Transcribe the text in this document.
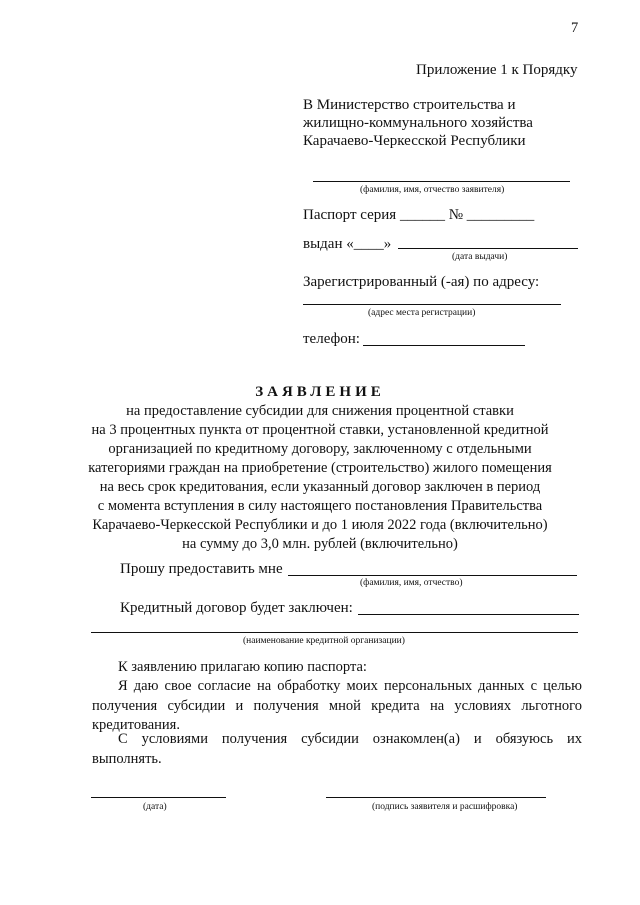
7
Приложение 1 к Порядку
В Министерство строительства и
жилищно-коммунального хозяйства
Карачаево-Черкесской Республики
(фамилия, имя, отчество заявителя)
Паспорт серия ______ № _________
выдан «____»
(дата выдачи)
Зарегистрированный (-ая) по адресу:
(адрес места регистрации)
телефон:
ЗАЯВЛЕНИЕ
на предоставление субсидии для снижения процентной ставки
на 3 процентных пункта от процентной ставки, установленной кредитной
организацией по кредитному договору, заключенному с отдельными
категориями граждан на приобретение (строительство) жилого помещения
на весь срок кредитования, если указанный договор заключен в период
с момента вступления в силу настоящего постановления Правительства
Карачаево-Черкесской Республики и до 1 июля 2022 года (включительно)
на сумму до 3,0 млн. рублей (включительно)
Прошу предоставить мне
(фамилия, имя, отчество)
Кредитный договор будет заключен:
(наименование кредитной организации)
К заявлению прилагаю копию паспорта:
Я даю свое согласие на обработку моих персональных данных с целью получения субсидии и получения мной кредита на условиях льготного кредитования.
С условиями получения субсидии ознакомлен(а) и обязуюсь их выполнять.
(дата)	(подпись заявителя и расшифровка)
